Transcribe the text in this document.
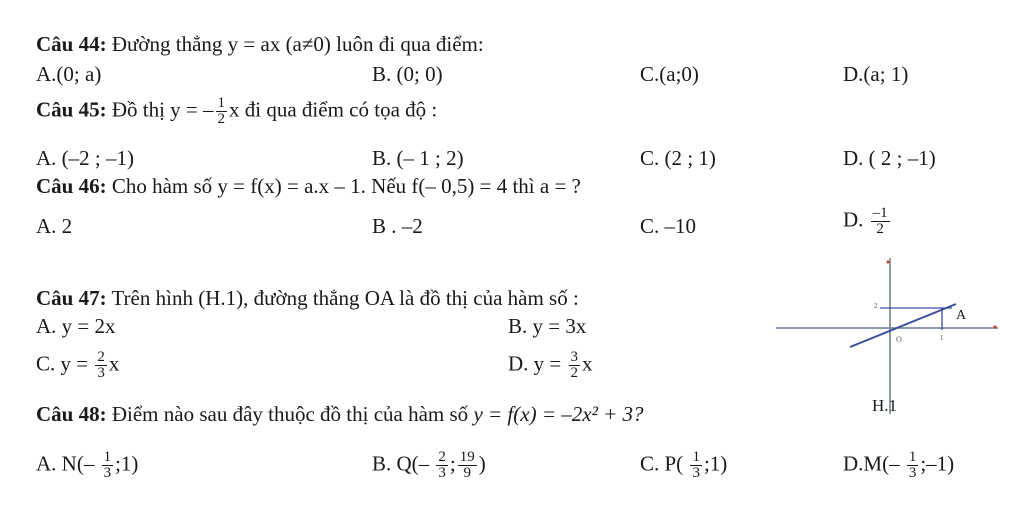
Câu 44: Đường thẳng y = ax (a≠0) luôn đi qua điểm:
A.(0; a)	B. (0; 0)	C.(a;0)	D.(a; 1)
Câu 45: Đồ thị y = – $\frac{1}{2}$ x đi qua điểm có tọa độ :
A. (–2 ; –1)	B. (– 1 ; 2)	C. (2 ; 1)	D. ( 2 ; –1)
Câu 46: Cho hàm số y = f(x) = a.x – 1. Nếu f(– 0,5) = 4 thì a = ?
A. 2	B . –2	C. –10	D. $\frac{-1}{2}$
Câu 47: Trên hình (H.1), đường thẳng OA là đồ thị của hàm số :
A. y = 2x	B. y = 3x
C. $y = \frac{2}{3}$ x	D. $y = \frac{3}{2}$ x
A
O
2
1
H.1
Câu 48: Điểm nào sau đây thuộc đồ thị của hàm số y = f(x) = –2x² + 3?
A. $N(- \frac{1}{3}$ ;1)	B. $Q(- \frac{2}{3}$ ; $\frac{19}{9}$ )	C. $P( \frac{1}{3}$ ;1)	$D.M(- \frac{1}{3}$ ;–1)
